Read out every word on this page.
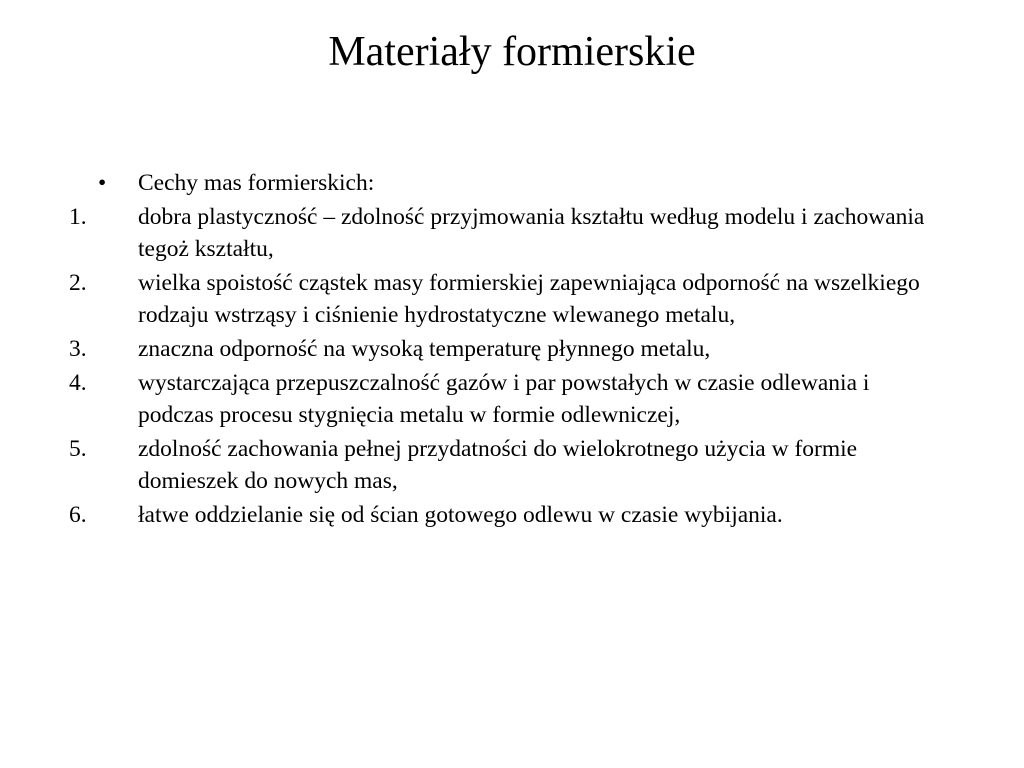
Materiały formierskie
• Cechy mas formierskich:
1. dobra plastyczność – zdolność przyjmowania kształtu według modelu i zachowania tegoż kształtu,
2. wielka spoistość cząstek masy formierskiej zapewniająca odporność na wszelkiego rodzaju wstrząsy i ciśnienie hydrostatyczne wlewanego metalu,
3. znaczna odporność na wysoką temperaturę płynnego metalu,
4. wystarczająca przepuszczalność gazów i par powstałych w czasie odlewania i podczas procesu stygnięcia metalu w formie odlewniczej,
5. zdolność zachowania pełnej przydatności do wielokrotnego użycia w formie domieszek do nowych mas,
6. łatwe oddzielanie się od ścian gotowego odlewu w czasie wybijania.
